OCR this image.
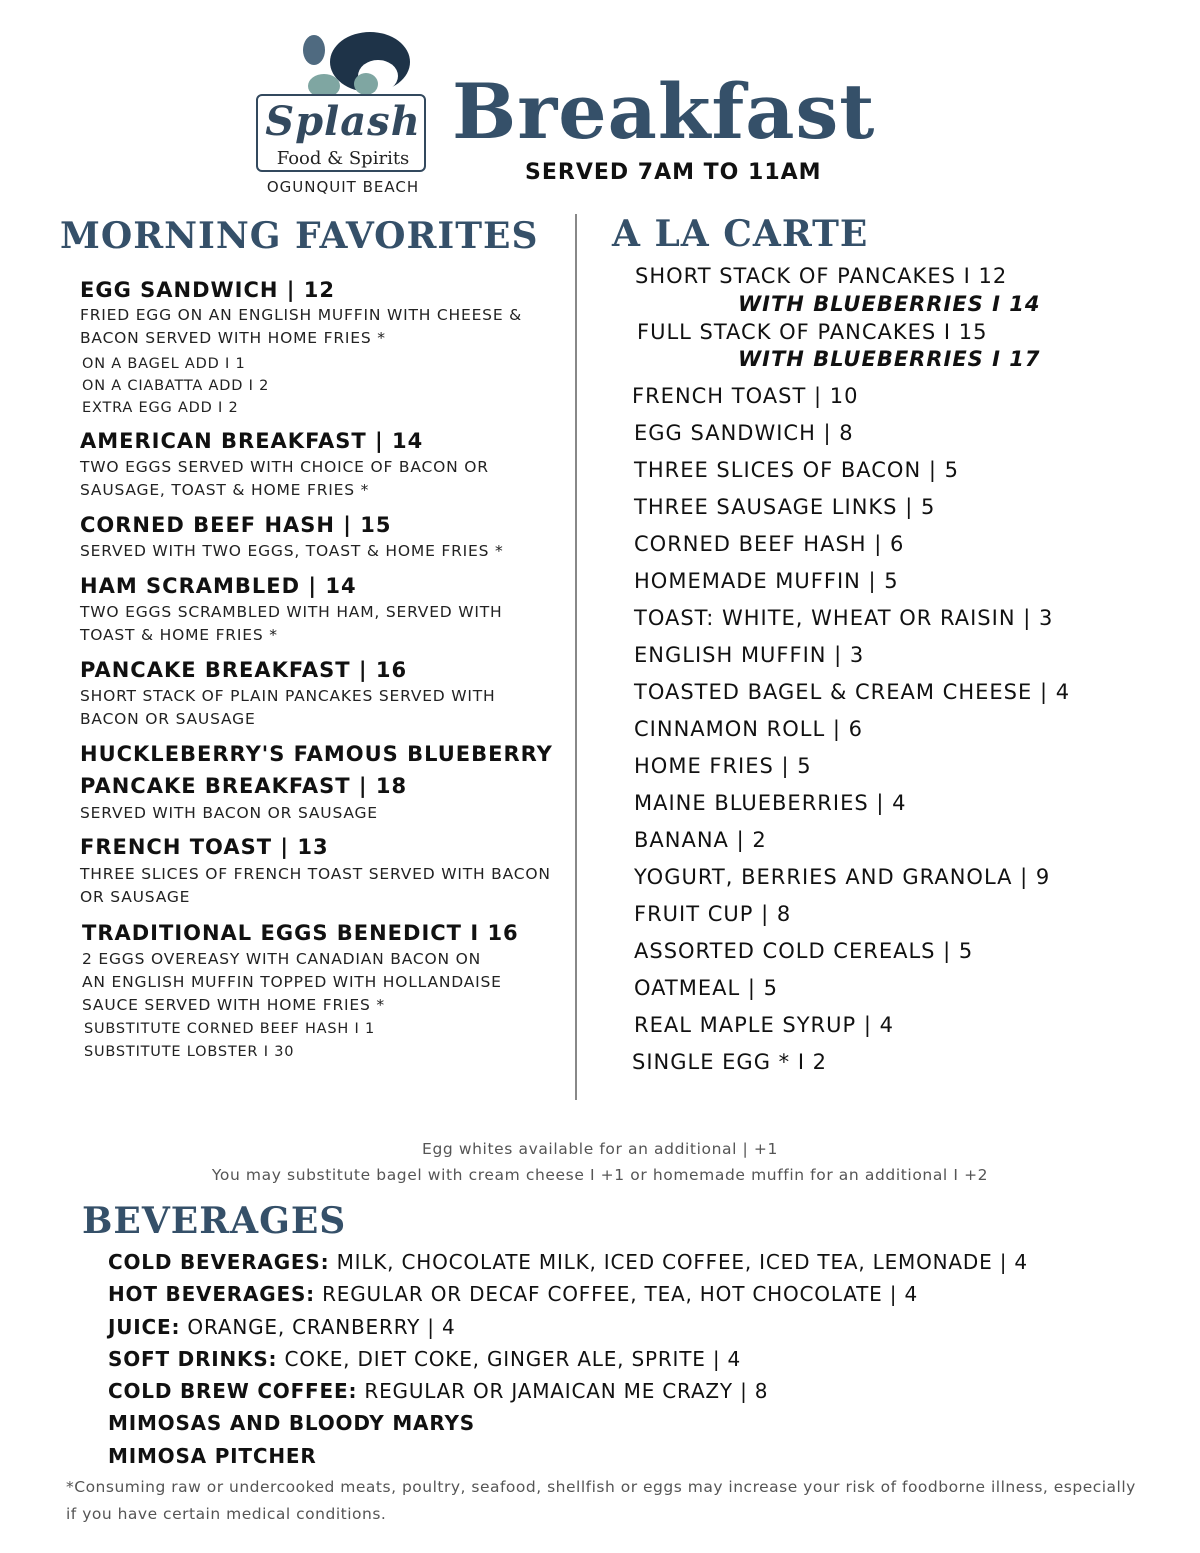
Splash
Food & Spirits
OGUNQUIT BEACH
Breakfast
SERVED 7AM TO 11AM
MORNING FAVORITES
EGG SANDWICH | 12
FRIED EGG ON AN ENGLISH MUFFIN WITH CHEESE &
BACON SERVED WITH HOME FRIES *
ON A BAGEL ADD I 1
ON A CIABATTA ADD I 2
EXTRA EGG ADD I 2
AMERICAN BREAKFAST | 14
TWO EGGS SERVED WITH CHOICE OF BACON OR
SAUSAGE, TOAST & HOME FRIES *
CORNED BEEF HASH | 15
SERVED WITH TWO EGGS, TOAST & HOME FRIES *
HAM SCRAMBLED | 14
TWO EGGS SCRAMBLED WITH HAM, SERVED WITH
TOAST & HOME FRIES *
PANCAKE BREAKFAST | 16
SHORT STACK OF PLAIN PANCAKES SERVED WITH
BACON OR SAUSAGE
HUCKLEBERRY'S FAMOUS BLUEBERRY
PANCAKE BREAKFAST | 18
SERVED WITH BACON OR SAUSAGE
FRENCH TOAST | 13
THREE SLICES OF FRENCH TOAST SERVED WITH BACON
OR SAUSAGE
TRADITIONAL EGGS BENEDICT I 16
2 EGGS OVEREASY WITH CANADIAN BACON ON
AN ENGLISH MUFFIN TOPPED WITH HOLLANDAISE
SAUCE SERVED WITH HOME FRIES *
SUBSTITUTE CORNED BEEF HASH I 1
SUBSTITUTE LOBSTER I 30
A LA CARTE
SHORT STACK OF PANCAKES I 12
WITH BLUEBERRIES I 14
FULL STACK OF PANCAKES I 15
WITH BLUEBERRIES I 17
FRENCH TOAST | 10
EGG SANDWICH | 8
THREE SLICES OF BACON | 5
THREE SAUSAGE LINKS | 5
CORNED BEEF HASH | 6
HOMEMADE MUFFIN | 5
TOAST: WHITE, WHEAT OR RAISIN | 3
ENGLISH MUFFIN | 3
TOASTED BAGEL & CREAM CHEESE | 4
CINNAMON ROLL | 6
HOME FRIES | 5
MAINE BLUEBERRIES | 4
BANANA | 2
YOGURT, BERRIES AND GRANOLA | 9
FRUIT CUP | 8
ASSORTED COLD CEREALS | 5
OATMEAL | 5
REAL MAPLE SYRUP | 4
SINGLE EGG * I 2
Egg whites available for an additional | +1
You may substitute bagel with cream cheese I +1 or homemade muffin for an additional I +2
BEVERAGES
COLD BEVERAGES: MILK, CHOCOLATE MILK, ICED COFFEE, ICED TEA, LEMONADE | 4
HOT BEVERAGES: REGULAR OR DECAF COFFEE, TEA, HOT CHOCOLATE | 4
JUICE: ORANGE, CRANBERRY | 4
SOFT DRINKS: COKE, DIET COKE, GINGER ALE, SPRITE | 4
COLD BREW COFFEE: REGULAR OR JAMAICAN ME CRAZY | 8
MIMOSAS AND BLOODY MARYS
MIMOSA PITCHER
*Consuming raw or undercooked meats, poultry, seafood, shellfish or eggs may increase your risk of foodborne illness, especially if you have certain medical conditions.
